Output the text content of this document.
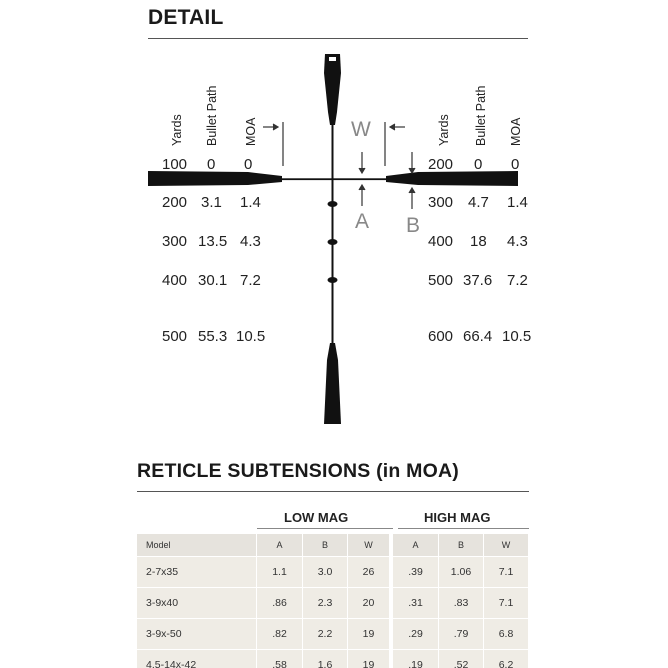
DETAIL
W
A B
Yards Bullet Path MOA	Yards Bullet Path MOA
100 0 0
200 3.1 1.4
300 13.5 4.3
400 30.1 7.2
500 55.3 10.5
200 0 0
300 4.7 1.4
400 18 4.3
500 37.6 7.2
600 66.4 10.5
RETICLE SUBTENSIONS (in MOA)
LOW MAG	HIGH MAG
Model	A	B	W	A	B	W
2-7x35	1.1	3.0	26	.39	1.06	7.1
3-9x40	.86	2.3	20	.31	.83	7.1
3-9x-50	.82	2.2	19	.29	.79	6.8
4.5-14x-42	.58	1.6	19	.19	.52	6.2
